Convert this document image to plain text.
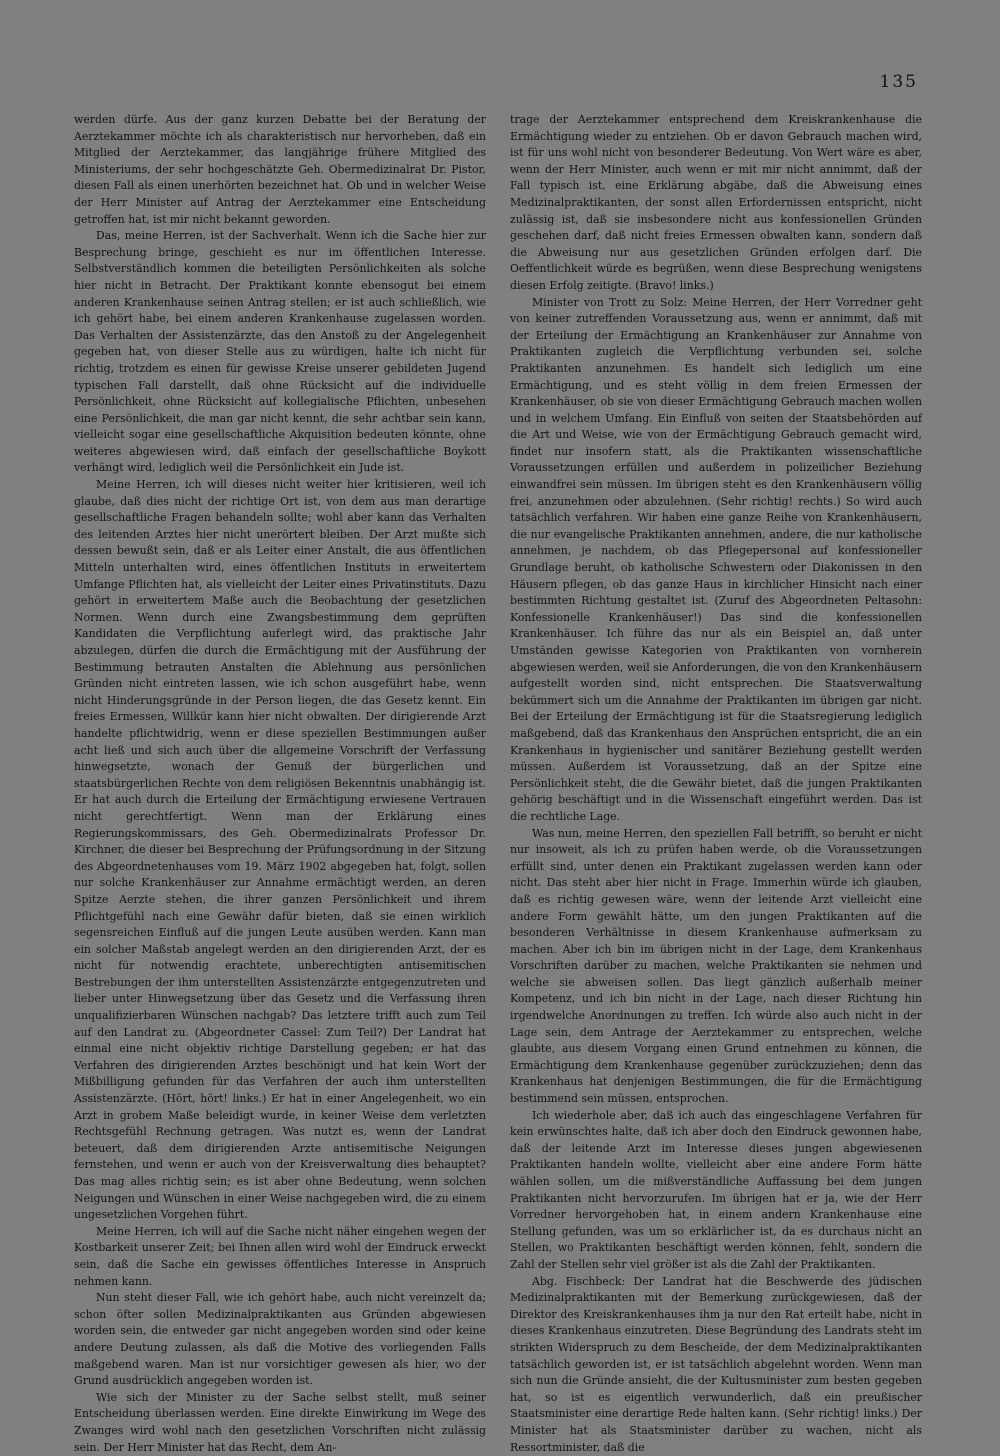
135

werden dürfe. Aus der ganz kurzen Debatte bei der Beratung der Aerztekammer möchte ich als charakteristisch nur hervorheben, daß ein Mitglied der Aerztekammer, das langjährige frühere Mitglied des Ministeriums, der sehr hochgeschätzte Geh. Obermedizinalrat Dr. Pistor, diesen Fall als einen unerhörten bezeichnet hat. Ob und in welcher Weise der Herr Minister auf Antrag der Aerztekammer eine Entscheidung getroffen hat, ist mir nicht bekannt geworden.

Das, meine Herren, ist der Sachverhalt. Wenn ich die Sache hier zur Besprechung bringe, geschieht es nur im öffentlichen Interesse. Selbstverständlich kommen die beteiligten Persönlichkeiten als solche hier nicht in Betracht. Der Praktikant konnte ebensogut bei einem anderen Krankenhause seinen Antrag stellen; er ist auch schließlich, wie ich gehört habe, bei einem anderen Krankenhause zugelassen worden. Das Verhalten der Assistenzärzte, das den Anstoß zu der Angelegenheit gegeben hat, von dieser Stelle aus zu würdigen, halte ich nicht für richtig, trotzdem es einen für gewisse Kreise unserer gebildeten Jugend typischen Fall darstellt, daß ohne Rücksicht auf die individuelle Persönlichkeit, ohne Rücksicht auf kollegialische Pflichten, unbesehen eine Persönlichkeit, die man gar nicht kennt, die sehr achtbar sein kann, vielleicht sogar eine gesellschaftliche Akquisition bedeuten könnte, ohne weiteres abgewiesen wird, daß einfach der gesellschaftliche Boykott verhängt wird, lediglich weil die Persönlichkeit ein Jude ist.

Meine Herren, ich will dieses nicht weiter hier kritisieren, weil ich glaube, daß dies nicht der richtige Ort ist, von dem aus man derartige gesellschaftliche Fragen behandeln sollte; wohl aber kann das Verhalten des leitenden Arztes hier nicht unerörtert bleiben. Der Arzt mußte sich dessen bewußt sein, daß er als Leiter einer Anstalt, die aus öffentlichen Mitteln unterhalten wird, eines öffentlichen Instituts in erweitertem Umfange Pflichten hat, als vielleicht der Leiter eines Privatinstituts. Dazu gehört in erweitertem Maße auch die Beobachtung der gesetzlichen Normen. Wenn durch eine Zwangsbestimmung dem geprüften Kandidaten die Verpflichtung auferlegt wird, das praktische Jahr abzulegen, dürfen die durch die Ermächtigung mit der Ausführung der Bestimmung betrauten Anstalten die Ablehnung aus persönlichen Gründen nicht eintreten lassen, wie ich schon ausgeführt habe, wenn nicht Hinderungsgründe in der Person liegen, die das Gesetz kennt. Ein freies Ermessen, Willkür kann hier nicht obwalten. Der dirigierende Arzt handelte pflichtwidrig, wenn er diese speziellen Bestimmungen außer acht ließ und sich auch über die allgemeine Vorschrift der Verfassung hinwegsetzte, wonach der Genuß der bürgerlichen und staatsbürgerlichen Rechte von dem religiösen Bekenntnis unabhängig ist. Er hat auch durch die Erteilung der Ermächtigung erwiesene Vertrauen nicht gerechtfertigt. Wenn man der Erklärung eines Regierungskommissars, des Geh. Obermedizinalrats Professor Dr. Kirchner, die dieser bei Besprechung der Prüfungsordnung in der Sitzung des Abgeordnetenhauses vom 19. März 1902 abgegeben hat, folgt, sollen nur solche Krankenhäuser zur Annahme ermächtigt werden, an deren Spitze Aerzte stehen, die ihrer ganzen Persönlichkeit und ihrem Pflichtgefühl nach eine Gewähr dafür bieten, daß sie einen wirklich segensreichen Einfluß auf die jungen Leute ausüben werden. Kann man ein solcher Maßstab angelegt werden an den dirigierenden Arzt, der es nicht für notwendig erachtete, unberechtigten antisemitischen Bestrebungen der ihm unterstellten Assistenzärzte entgegenzutreten und lieber unter Hinwegsetzung über das Gesetz und die Verfassung ihren unqualifizierbaren Wünschen nachgab? Das letztere trifft auch zum Teil auf den Landrat zu. (Abgeordneter Cassel: Zum Teil?) Der Landrat hat einmal eine nicht objektiv richtige Darstellung gegeben; er hat das Verfahren des dirigierenden Arztes beschönigt und hat kein Wort der Mißbilligung gefunden für das Verfahren der auch ihm unterstellten Assistenzärzte. (Hört, hört! links.) Er hat in einer Angelegenheit, wo ein Arzt in grobem Maße beleidigt wurde, in keiner Weise dem verletzten Rechtsgefühl Rechnung getragen. Was nutzt es, wenn der Landrat beteuert, daß dem dirigierenden Arzte antisemitische Neigungen fernstehen, und wenn er auch von der Kreisverwaltung dies behauptet? Das mag alles richtig sein; es ist aber ohne Bedeutung, wenn solchen Neigungen und Wünschen in einer Weise nachgegeben wird, die zu einem ungesetzlichen Vorgehen führt.

Meine Herren, ich will auf die Sache nicht näher eingehen wegen der Kostbarkeit unserer Zeit; bei Ihnen allen wird wohl der Eindruck erweckt sein, daß die Sache ein gewisses öffentliches Interesse in Anspruch nehmen kann.

Nun steht dieser Fall, wie ich gehört habe, auch nicht vereinzelt da; schon öfter sollen Medizinalpraktikanten aus Gründen abgewiesen worden sein, die entweder gar nicht angegeben worden sind oder keine andere Deutung zulassen, als daß die Motive des vorliegenden Falls maßgebend waren. Man ist nur vorsichtiger gewesen als hier, wo der Grund ausdrücklich angegeben worden ist.

Wie sich der Minister zu der Sache selbst stellt, muß seiner Entscheidung überlassen werden. Eine direkte Einwirkung im Wege des Zwanges wird wohl nach den gesetzlichen Vorschriften nicht zulässig sein. Der Herr Minister hat das Recht, dem An-

trage der Aerztekammer entsprechend dem Kreiskrankenhause die Ermächtigung wieder zu entziehen. Ob er davon Gebrauch machen wird, ist für uns wohl nicht von besonderer Bedeutung. Von Wert wäre es aber, wenn der Herr Minister, auch wenn er mit mir nicht annimmt, daß der Fall typisch ist, eine Erklärung abgäbe, daß die Abweisung eines Medizinalpraktikanten, der sonst allen Erfordernissen entspricht, nicht zulässig ist, daß sie insbesondere nicht aus konfessionellen Gründen geschehen darf, daß nicht freies Ermessen obwalten kann, sondern daß die Abweisung nur aus gesetzlichen Gründen erfolgen darf. Die Oeffentlichkeit würde es begrüßen, wenn diese Besprechung wenigstens diesen Erfolg zeitigte. (Bravo! links.)

Minister von Trott zu Solz: Meine Herren, der Herr Vorredner geht von keiner zutreffenden Voraussetzung aus, wenn er annimmt, daß mit der Erteilung der Ermächtigung an Krankenhäuser zur Annahme von Praktikanten zugleich die Verpflichtung verbunden sei, solche Praktikanten anzunehmen. Es handelt sich lediglich um eine Ermächtigung, und es steht völlig in dem freien Ermessen der Krankenhäuser, ob sie von dieser Ermächtigung Gebrauch machen wollen und in welchem Umfang. Ein Einfluß von seiten der Staatsbehörden auf die Art und Weise, wie von der Ermächtigung Gebrauch gemacht wird, findet nur insofern statt, als die Praktikanten wissenschaftliche Voraussetzungen erfüllen und außerdem in polizeilicher Beziehung einwandfrei sein müssen. Im übrigen steht es den Krankenhäusern völlig frei, anzunehmen oder abzulehnen. (Sehr richtig! rechts.) So wird auch tatsächlich verfahren. Wir haben eine ganze Reihe von Krankenhäusern, die nur evangelische Praktikanten annehmen, andere, die nur katholische annehmen, je nachdem, ob das Pflegepersonal auf konfessioneller Grundlage beruht, ob katholische Schwestern oder Diakonissen in den Häusern pflegen, ob das ganze Haus in kirchlicher Hinsicht nach einer bestimmten Richtung gestaltet ist. (Zuruf des Abgeordneten Peltasohn: Konfessionelle Krankenhäuser!) Das sind die konfessionellen Krankenhäuser. Ich führe das nur als ein Beispiel an, daß unter Umständen gewisse Kategorien von Praktikanten von vornherein abgewiesen werden, weil sie Anforderungen, die von den Krankenhäusern aufgestellt worden sind, nicht entsprechen. Die Staatsverwaltung bekümmert sich um die Annahme der Praktikanten im übrigen gar nicht. Bei der Erteilung der Ermächtigung ist für die Staatsregierung lediglich maßgebend, daß das Krankenhaus den Ansprüchen entspricht, die an ein Krankenhaus in hygienischer und sanitärer Beziehung gestellt werden müssen. Außerdem ist Voraussetzung, daß an der Spitze eine Persönlichkeit steht, die die Gewähr bietet, daß die jungen Praktikanten gehörig beschäftigt und in die Wissenschaft eingeführt werden. Das ist die rechtliche Lage.

Was nun, meine Herren, den speziellen Fall betrifft, so beruht er nicht nur insoweit, als ich zu prüfen haben werde, ob die Voraussetzungen erfüllt sind, unter denen ein Praktikant zugelassen werden kann oder nicht. Das steht aber hier nicht in Frage. Immerhin würde ich glauben, daß es richtig gewesen wäre, wenn der leitende Arzt vielleicht eine andere Form gewählt hätte, um den jungen Praktikanten auf die besonderen Verhältnisse in diesem Krankenhause aufmerksam zu machen. Aber ich bin im übrigen nicht in der Lage, dem Krankenhaus Vorschriften darüber zu machen, welche Praktikanten sie nehmen und welche sie abweisen sollen. Das liegt gänzlich außerhalb meiner Kompetenz, und ich bin nicht in der Lage, nach dieser Richtung hin irgendwelche Anordnungen zu treffen. Ich würde also auch nicht in der Lage sein, dem Antrage der Aerztekammer zu entsprechen, welche glaubte, aus diesem Vorgang einen Grund entnehmen zu können, die Ermächtigung dem Krankenhause gegenüber zurückzuziehen; denn das Krankenhaus hat denjenigen Bestimmungen, die für die Ermächtigung bestimmend sein müssen, entsprochen.

Ich wiederhole aber, daß ich auch das eingeschlagene Verfahren für kein erwünschtes halte, daß ich aber doch den Eindruck gewonnen habe, daß der leitende Arzt im Interesse dieses jungen abgewiesenen Praktikanten handeln wollte, vielleicht aber eine andere Form hätte wählen sollen, um die mißverständliche Auffassung bei dem jungen Praktikanten nicht hervorzurufen. Im übrigen hat er ja, wie der Herr Vorredner hervorgehoben hat, in einem andern Krankenhause eine Stellung gefunden, was um so erklärlicher ist, da es durchaus nicht an Stellen, wo Praktikanten beschäftigt werden können, fehlt, sondern die Zahl der Stellen sehr viel größer ist als die Zahl der Praktikanten.

Abg. Fischbeck: Der Landrat hat die Beschwerde des jüdischen Medizinalpraktikanten mit der Bemerkung zurückgewiesen, daß der Direktor des Kreiskrankenhauses ihm ja nur den Rat erteilt habe, nicht in dieses Krankenhaus einzutreten. Diese Begründung des Landrats steht im strikten Widerspruch zu dem Bescheide, der dem Medizinalpraktikanten tatsächlich geworden ist, er ist tatsächlich abgelehnt worden. Wenn man sich nun die Gründe ansieht, die der Kultusminister zum besten gegeben hat, so ist es eigentlich verwunderlich, daß ein preußischer Staatsminister eine derartige Rede halten kann. (Sehr richtig! links.) Der Minister hat als Staatsminister darüber zu wachen, nicht als Ressortminister, daß die
